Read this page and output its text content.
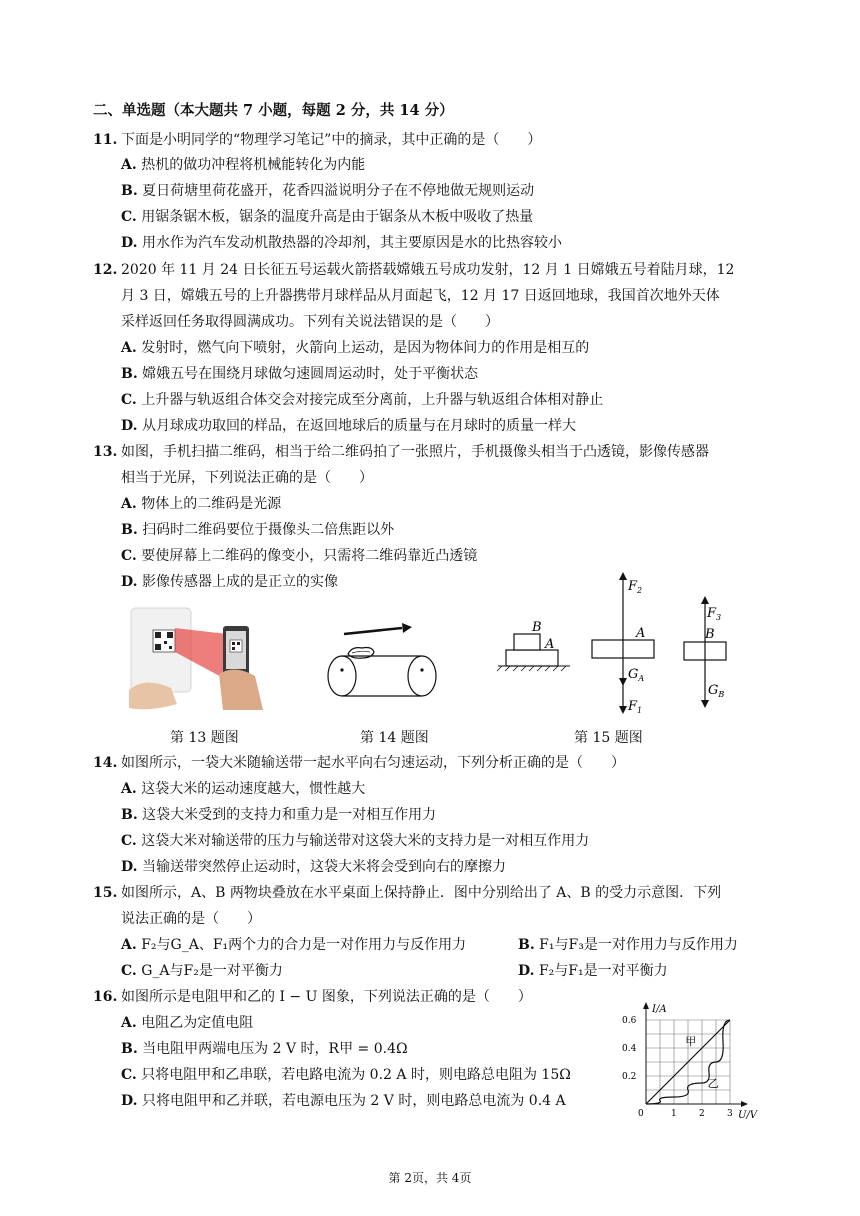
二、单选题（本大题共 7 小题，每题 2 分，共 14 分）
11. 下面是小明同学的“物理学习笔记”中的摘录，其中正确的是（　　）
A. 热机的做功冲程将机械能转化为内能
B. 夏日荷塘里荷花盛开，花香四溢说明分子在不停地做无规则运动
C. 用锯条锯木板，锯条的温度升高是由于锯条从木板中吸收了热量
D. 用水作为汽车发动机散热器的冷却剂，其主要原因是水的比热容较小
12. 2020 年 11 月 24 日长征五号运载火箭搭载嫦娥五号成功发射，12 月 1 日嫦娥五号着陆月球，12
月 3 日，嫦娥五号的上升器携带月球样品从月面起飞，12 月 17 日返回地球，我国首次地外天体
采样返回任务取得圆满成功。下列有关说法错误的是（　　）
A. 发射时，燃气向下喷射，火箭向上运动，是因为物体间力的作用是相互的
B. 嫦娥五号在围绕月球做匀速圆周运动时，处于平衡状态
C. 上升器与轨返组合体交会对接完成至分离前，上升器与轨返组合体相对静止
D. 从月球成功取回的样品，在返回地球后的质量与在月球时的质量一样大
13. 如图，手机扫描二维码，相当于给二维码拍了一张照片，手机摄像头相当于凸透镜，影像传感器
相当于光屏，下列说法正确的是（　　）
A. 物体上的二维码是光源
B. 扫码时二维码要位于摄像头二倍焦距以外
C. 要使屏幕上二维码的像变小，只需将二维码靠近凸透镜
D. 影像传感器上成的是正立的实像
B
A
A
$F_2$
$G_A$
$F_1$
B
$F_3$
$G_B$
第 13 题图	第 14 题图	第 15 题图
14. 如图所示，一袋大米随输送带一起水平向右匀速运动，下列分析正确的是（　　）
A. 这袋大米的运动速度越大，惯性越大
B. 这袋大米受到的支持力和重力是一对相互作用力
C. 这袋大米对输送带的压力与输送带对这袋大米的支持力是一对相互作用力
D. 当输送带突然停止运动时，这袋大米将会受到向右的摩擦力
15. 如图所示，A、B 两物块叠放在水平桌面上保持静止．图中分别给出了 A、B 的受力示意图．下列
说法正确的是（　　）
A. F₂与G_A、F₁两个力的合力是一对作用力与反作用力	B. F₁与F₃是一对作用力与反作用力
C. G_A与F₂是一对平衡力	D. F₂与F₁是一对平衡力
16. 如图所示是电阻甲和乙的 I − U 图象，下列说法正确的是（　　）
A. 电阻乙为定值电阻
B. 当电阻甲两端电压为 2 V 时，R甲 = 0.4Ω
C. 只将电阻甲和乙串联，若电路电流为 0.2 A 时，则电路总电阻为 15Ω
D. 只将电阻甲和乙并联，若电源电压为 2 V 时，则电路总电流为 0.4 A
0	1 2 3
0.2
0.4
0.6
U/V
I/A
甲
乙
第 2页，共 4页
